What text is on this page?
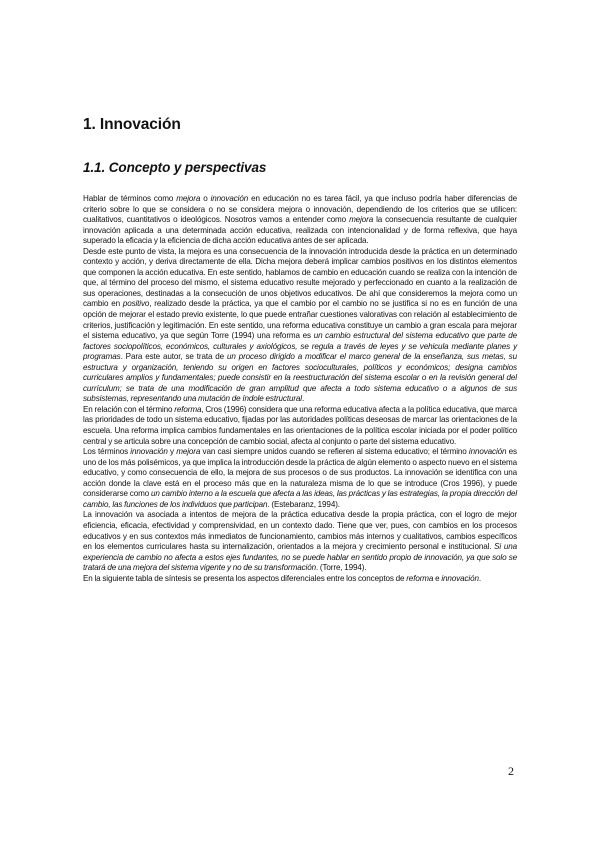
1. Innovación
1.1. Concepto y perspectivas

Hablar de términos como mejora o innovación en educación no es tarea fácil, ya que incluso podría haber diferencias de criterio sobre lo que se considera o no se considera mejora o innovación, dependiendo de los criterios que se utilicen: cualitativos, cuantitativos o ideológicos. Nosotros vamos a entender como mejora la consecuencia resultante de cualquier innovación aplicada a una determinada acción educativa, realizada con intencionalidad y de forma reflexiva, que haya superado la eficacia y la eficiencia de dicha acción educativa antes de ser aplicada.

Desde este punto de vista, la mejora es una consecuencia de la innovación introducida desde la práctica en un determinado contexto y acción, y deriva directamente de ella. Dicha mejora deberá implicar cambios positivos en los distintos elementos que componen la acción educativa. En este sentido, hablamos de cambio en educación cuando se realiza con la intención de que, al término del proceso del mismo, el sistema educativo resulte mejorado y perfeccionado en cuanto a la realización de sus operaciones, destinadas a la consecución de unos objetivos educativos. De ahí que consideremos la mejora como un cambio en positivo, realizado desde la práctica, ya que el cambio por el cambio no se justifica si no es en función de una opción de mejorar el estado previo existente, lo que puede entrañar cuestiones valorativas con relación al establecimiento de criterios, justificación y legitimación. En este sentido, una reforma educativa constituye un cambio a gran escala para mejorar el sistema educativo, ya que según Torre (1994) una reforma es un cambio estructural del sistema educativo que parte de factores sociopolíticos, económicos, culturales y axiológicos, se regula a través de leyes y se vehicula mediante planes y programas. Para este autor, se trata de un proceso dirigido a modificar el marco general de la enseñanza, sus metas, su estructura y organización, teniendo su origen en factores socioculturales, políticos y económicos; designa cambios curriculares amplios y fundamentales; puede consistir en la reestructuración del sistema escolar o en la revisión general del currículum; se trata de una modificación de gran amplitud que afecta a todo sistema educativo o a algunos de sus subsistemas, representando una mutación de índole estructural.

En relación con el término reforma, Cros (1996) considera que una reforma educativa afecta a la política educativa, que marca las prioridades de todo un sistema educativo, fijadas por las autoridades políticas deseosas de marcar las orientaciones de la escuela. Una reforma implica cambios fundamentales en las orientaciones de la política escolar iniciada por el poder político central y se articula sobre una concepción de cambio social, afecta al conjunto o parte del sistema educativo.

Los términos innovación y mejora van casi siempre unidos cuando se refieren al sistema educativo; el término innovación es uno de los más polisémicos, ya que implica la introducción desde la práctica de algún elemento o aspecto nuevo en el sistema educativo, y como consecuencia de ello, la mejora de sus procesos o de sus productos. La innovación se identifica con una acción donde la clave está en el proceso más que en la naturaleza misma de lo que se introduce (Cros 1996), y puede considerarse como un cambio interno a la escuela que afecta a las ideas, las prácticas y las estrategias, la propia dirección del cambio, las funciones de los individuos que participan. (Estebaranz, 1994).

La innovación va asociada a intentos de mejora de la práctica educativa desde la propia práctica, con el logro de mejor eficiencia, eficacia, efectividad y comprensividad, en un contexto dado. Tiene que ver, pues, con cambios en los procesos educativos y en sus contextos más inmediatos de funcionamiento, cambios más internos y cualitativos, cambios específicos en los elementos curriculares hasta su internalización, orientados a la mejora y crecimiento personal e institucional. Si una experiencia de cambio no afecta a estos ejes fundantes, no se puede hablar en sentido propio de innovación, ya que solo se tratará de una mejora del sistema vigente y no de su transformación. (Torre, 1994).

En la siguiente tabla de síntesis se presenta los aspectos diferenciales entre los conceptos de reforma e innovación.

2
